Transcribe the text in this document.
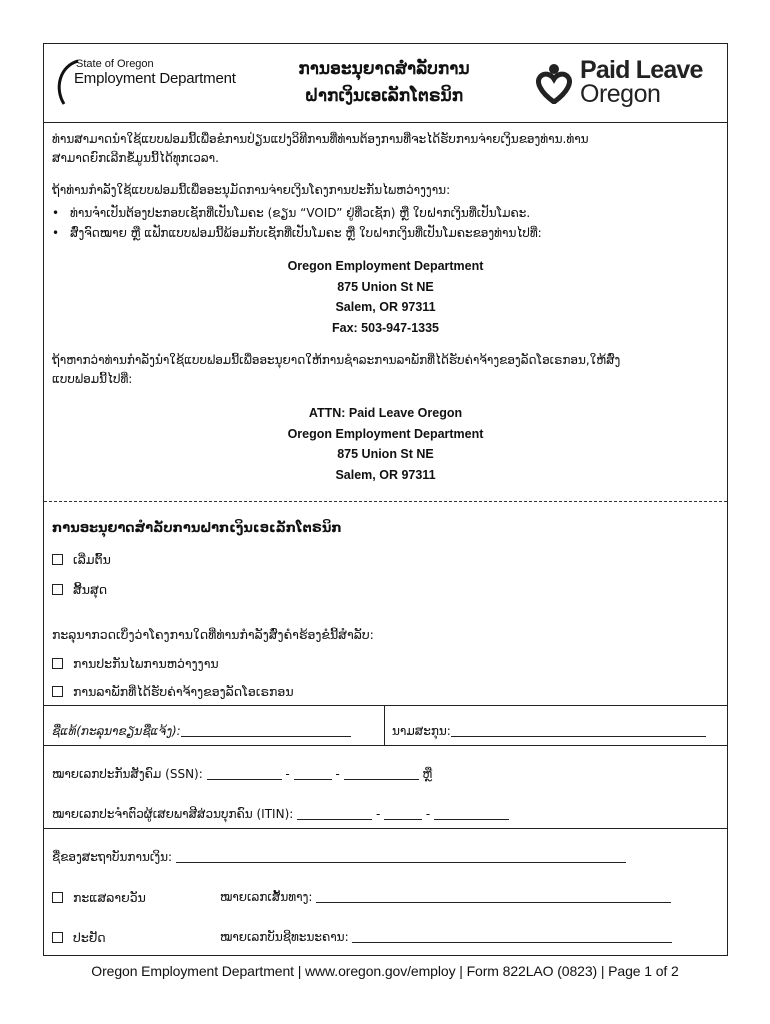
State of Oregon
Employment Department	ການອະນຸຍາດສຳລັບການ
ຝາກເງິນເອເລັກໂຕຣນິກ
Paid Leave
Oregon
ທ່ານສາມາດນໍາໃຊ້ແບບຟອມນີ້ເພື່ອຂໍການປ່ຽນແປງວິທີການທີ່ທ່ານຕ້ອງການທີ່ຈະໄດ້ຮັບການຈ່າຍເງິນຂອງທ່ານ.ທ່ານ
ສາມາດຍົກເລີກຂໍ້ມູນນີ້ໄດ້ທຸກເວລາ.
ຖ້າທ່ານກຳລັງໃຊ້ແບບຟອມນີ້ເພື່ອອະນຸມັດການຈ່າຍເງິນໂຄງການປະກັນໄພຫວ່າງງານ:
• ທ່ານຈໍາເປັນຕ້ອງປະກອບເຊັກທີ່ເປັນໂມຄະ (ຂຽນ “VOID” ຢູ່ທີ່ວເຊັກ) ຫຼື ໃບຝາກເງິນທີ່ເປັນໂມຄະ.
• ສົ່ງຈົດໝາຍ ຫຼື ແຟັກແບບຟອມນີ້ພ້ອມກັບເຊັກທີ່ເປັນໂມຄະ ຫຼື ໃບຝາກເງິນທີ່ເປັນໂມຄະຂອງທ່ານໄປທີ່:
Oregon Employment Department
875 Union St NE
Salem, OR 97311
Fax: 503-947-1335
ຖ້າຫາກວ່າທ່ານກຳລັງນຳໃຊ້ແບບຟອມນີ້ເພື່ອອະນຸຍາດໃຫ້ການຊຳລະການລາພັກທີ່ໄດ້ຮັບຄ່າຈ້າງຂອງລັດໂອເຣກອນ,ໃຫ້ສົ່ງ
ແບບຟອມນີ້ໄປທີ່:
ATTN: Paid Leave Oregon
Oregon Employment Department
875 Union St NE
Salem, OR 97311
ການອະນຸຍາດສຳລັບການຝາກເງິນເອເລັກໂຕຣນິກ
ເລີ່ມຕົ້ນ
ສິ້ນສຸດ
ກະລຸນາກວດເບິ່ງວ່າໂຄງການໃດທີ່ທ່ານກຳລັງສົ່ງຄໍາຮ້ອງຂໍນີ້ສຳລັບ:
ການປະກັນໄພການຫວ່າງງານ
ການລາພັກທີ່ໄດ້ຮັບຄ່າຈ້າງຂອງລັດໂອເຣກອນ
ຊື່ແທ້(ກະລຸນາຂຽນຊື່ແຈ້ງ):	ນາມສະກຸນ:
ໝາຍເລກປະກັນສັງຄົມ (SSN):	-	-	ຫຼື
ໝາຍເລກປະຈໍາຕົວຜູ້ເສຍພາສີສ່ວນບຸກຄົນ (ITIN):	-	-
ຊື່ຂອງສະຖາບັນການເງິນ:
ກະແສລາຍວັນ	ໝາຍເລກເສັ້ນທາງ:
ປະຢັດ	ໝາຍເລກບັນຊີທະນະຄານ:
Oregon Employment Department | www.oregon.gov/employ | Form 822LAO (0823) | Page 1 of 2
